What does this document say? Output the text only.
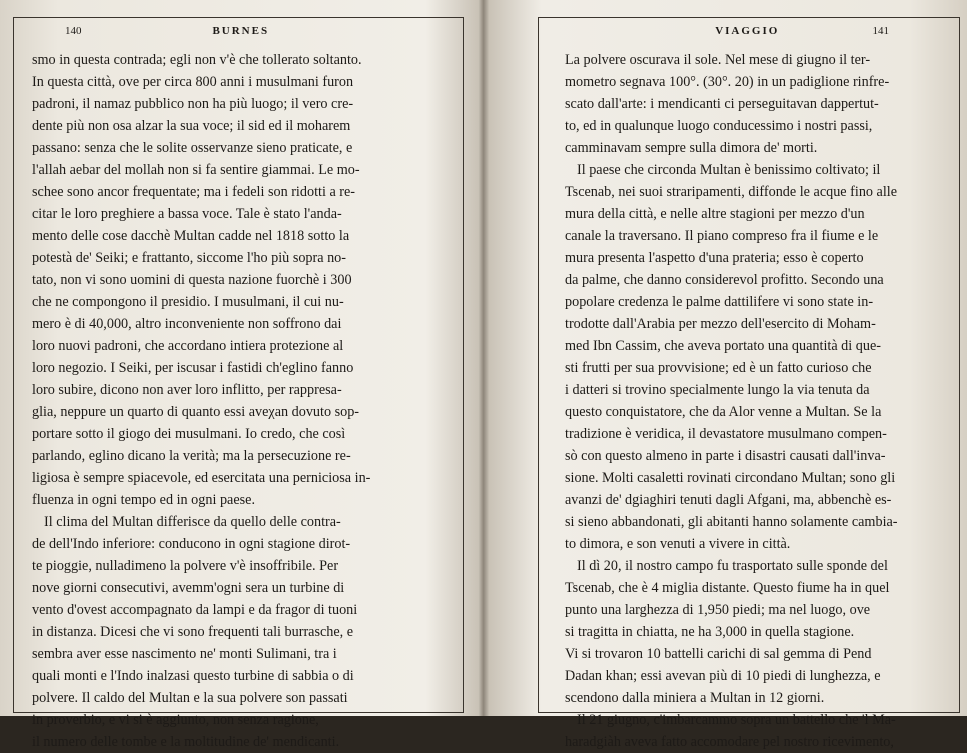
140	BURNES
smo in questa contrada; egli non v'è che tollerato soltanto.
In questa città, ove per circa 800 anni i musulmani furon
padroni, il namaz pubblico non ha più luogo; il vero cre-
dente più non osa alzar la sua voce; il sid ed il moharem
passano: senza che le solite osservanze sieno praticate, e
l'allah aebar del mollah non si fa sentire giammai. Le mo-
schee sono ancor frequentate; ma i fedeli son ridotti a re-
citar le loro preghiere a bassa voce. Tale è stato l'anda-
mento delle cose dacchè Multan cadde nel 1818 sotto la
potestà de' Seiki; e frattanto, siccome l'ho più sopra no-
tato, non vi sono uomini di questa nazione fuorchè i 300
che ne compongono il presidio. I musulmani, il cui nu-
mero è di 40,000, altro inconveniente non soffrono dai
loro nuovi padroni, che accordano intiera protezione al
loro negozio. I Seiki, per iscusar i fastidi ch'eglino fanno
loro subire, dicono non aver loro inflitto, per rappresa-
glia, neppure un quarto di quanto essi aveχan dovuto sop-
portare sotto il giogo dei musulmani. Io credo, che così
parlando, eglino dicano la verità; ma la persecuzione re-
ligiosa è sempre spiacevole, ed esercitata una perniciosa in-
fluenza in ogni tempo ed in ogni paese.
Il clima del Multan differisce da quello delle contra-
de dell'Indo inferiore: conducono in ogni stagione dirot-
te pioggie, nulladimeno la polvere v'è insoffribile. Per
nove giorni consecutivi, avemm'ogni sera un turbine di
vento d'ovest accompagnato da lampi e da fragor di tuoni
in distanza. Dicesi che vi sono frequenti tali burrasche, e
sembra aver esse nascimento ne' monti Sulimani, tra i
quali monti e l'Indo inalzasi questo turbine di sabbia o di
polvere. Il caldo del Multan e la sua polvere son passati
in proverbio, e vi si è aggiunto, non senza ragione,
il numero delle tombe e la moltitudine de' mendicanti.
VIAGGIO	141
La polvere oscurava il sole. Nel mese di giugno il ter-
mometro segnava 100°. (30°. 20) in un padiglione rinfre-
scato dall'arte: i mendicanti ci perseguitavan dappertut-
to, ed in qualunque luogo conducessimo i nostri passi,
camminavam sempre sulla dimora de' morti.
Il paese che circonda Multan è benissimo coltivato; il
Tscenab, nei suoi straripamenti, diffonde le acque fino alle
mura della città, e nelle altre stagioni per mezzo d'un
canale la traversano. Il piano compreso fra il fiume e le
mura presenta l'aspetto d'una prateria; esso è coperto
da palme, che danno considerevol profitto. Secondo una
popolare credenza le palme dattilifere vi sono state in-
trodotte dall'Arabia per mezzo dell'esercito di Moham-
med Ibn Cassim, che aveva portato una quantità di que-
sti frutti per sua provvisione; ed è un fatto curioso che
i datteri si trovino specialmente lungo la via tenuta da
questo conquistatore, che da Alor venne a Multan. Se la
tradizione è veridica, il devastatore musulmano compen-
sò con questo almeno in parte i disastri causati dall'inva-
sione. Molti casaletti rovinati circondano Multan; sono gli
avanzi de' dgiaghiri tenuti dagli Afgani, ma, abbenchè es-
si sieno abbandonati, gli abitanti hanno solamente cambia-
to dimora, e son venuti a vivere in città.
Il dì 20, il nostro campo fu trasportato sulle sponde del
Tscenab, che è 4 miglia distante. Questo fiume ha in quel
punto una larghezza di 1,950 piedi; ma nel luogo, ove
si tragitta in chiatta, ne ha 3,000 in quella stagione.
Vi si trovaron 10 battelli carichi di sal gemma di Pend
Dadan khan; essi avevan più di 10 piedi di lunghezza, e
scendono dalla miniera a Multan in 12 giorni.
Il 21 giugno, c'imbarcammo sopra un battello che 'l Ma-
haradgiàh aveva fatto accomodare pel nostro ricevimento,
